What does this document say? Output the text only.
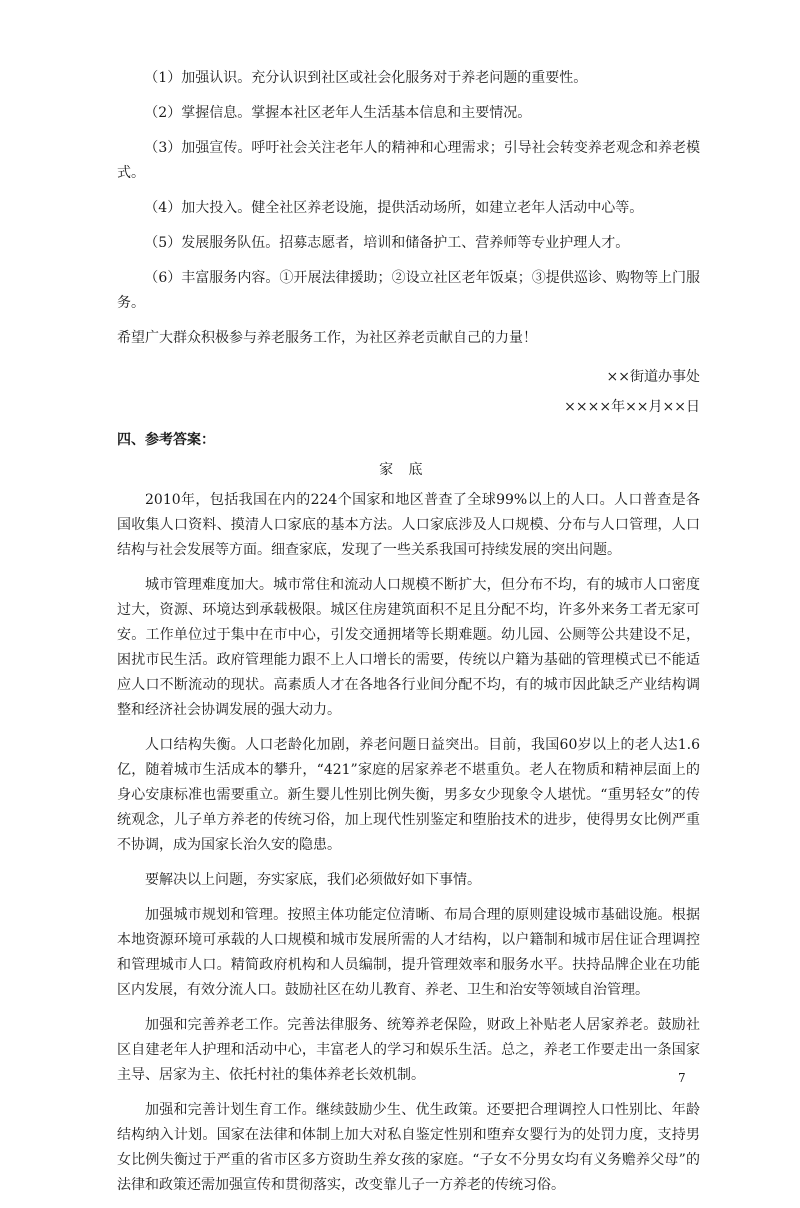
（1）加强认识。充分认识到社区或社会化服务对于养老问题的重要性。

（2）掌握信息。掌握本社区老年人生活基本信息和主要情况。

（3）加强宣传。呼吁社会关注老年人的精神和心理需求；引导社会转变养老观念和养老模式。

（4）加大投入。健全社区养老设施，提供活动场所，如建立老年人活动中心等。

（5）发展服务队伍。招募志愿者，培训和储备护工、营养师等专业护理人才。

（6）丰富服务内容。①开展法律援助；②设立社区老年饭桌；③提供巡诊、购物等上门服务。

希望广大群众积极参与养老服务工作，为社区养老贡献自己的力量！

××街道办事处

××××年××月××日

四、参考答案：

家底

2010年，包括我国在内的224个国家和地区普查了全球99%以上的人口。人口普查是各国收集人口资料、摸清人口家底的基本方法。人口家底涉及人口规模、分布与人口管理，人口结构与社会发展等方面。细查家底，发现了一些关系我国可持续发展的突出问题。

城市管理难度加大。城市常住和流动人口规模不断扩大，但分布不均，有的城市人口密度过大，资源、环境达到承载极限。城区住房建筑面积不足且分配不均，许多外来务工者无家可安。工作单位过于集中在市中心，引发交通拥堵等长期难题。幼儿园、公厕等公共建设不足，困扰市民生活。政府管理能力跟不上人口增长的需要，传统以户籍为基础的管理模式已不能适应人口不断流动的现状。高素质人才在各地各行业间分配不均，有的城市因此缺乏产业结构调整和经济社会协调发展的强大动力。

人口结构失衡。人口老龄化加剧，养老问题日益突出。目前，我国60岁以上的老人达1.6亿，随着城市生活成本的攀升，“421”家庭的居家养老不堪重负。老人在物质和精神层面上的身心安康标准也需要重立。新生婴儿性别比例失衡，男多女少现象令人堪忧。“重男轻女”的传统观念，儿子单方养老的传统习俗，加上现代性别鉴定和堕胎技术的进步，使得男女比例严重不协调，成为国家长治久安的隐患。

要解决以上问题，夯实家底，我们必须做好如下事情。

加强城市规划和管理。按照主体功能定位清晰、布局合理的原则建设城市基础设施。根据本地资源环境可承载的人口规模和城市发展所需的人才结构，以户籍制和城市居住证合理调控和管理城市人口。精简政府机构和人员编制，提升管理效率和服务水平。扶持品牌企业在功能区内发展，有效分流人口。鼓励社区在幼儿教育、养老、卫生和治安等领域自治管理。

加强和完善养老工作。完善法律服务、统筹养老保险，财政上补贴老人居家养老。鼓励社区自建老年人护理和活动中心，丰富老人的学习和娱乐生活。总之，养老工作要走出一条国家主导、居家为主、依托村社的集体养老长效机制。

加强和完善计划生育工作。继续鼓励少生、优生政策。还要把合理调控人口性别比、年龄结构纳入计划。国家在法律和体制上加大对私自鉴定性别和堕弃女婴行为的处罚力度，支持男女比例失衡过于严重的省市区多方资助生养女孩的家庭。“子女不分男女均有义务赡养父母”的法律和政策还需加强宣传和贯彻落实，改变靠儿子一方养老的传统习俗。

7
